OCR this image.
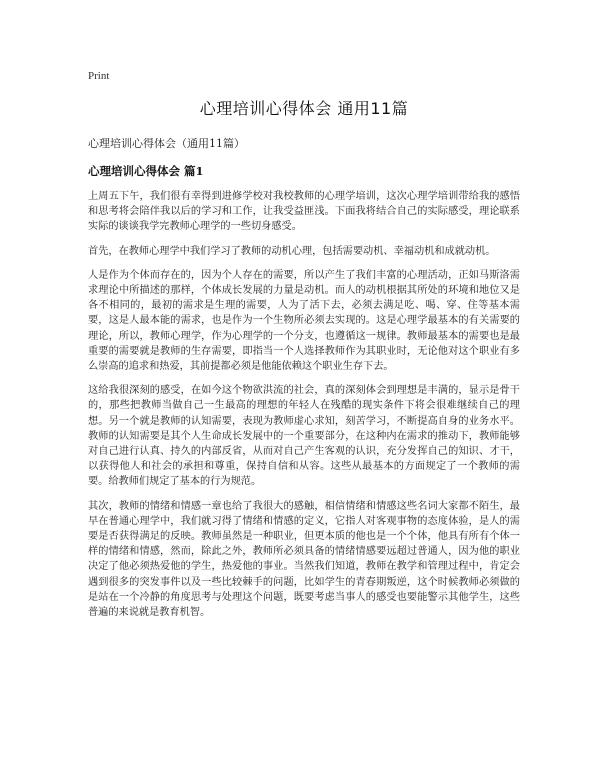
Print
心理培训心得体会 通用11篇

心理培训心得体会（通用11篇）

心理培训心得体会 篇1

上周五下午，我们很有幸得到进修学校对我校教师的心理学培训，这次心理学培训带给我的感悟和思考将会陪伴我以后的学习和工作，让我受益匪浅。下面我将结合自己的实际感受，理论联系实际的谈谈我学完教师心理学的一些切身感受。

首先，在教师心理学中我们学习了教师的动机心理，包括需要动机、幸福动机和成就动机。

人是作为个体而存在的，因为个人存在的需要，所以产生了我们丰富的心理活动，正如马斯洛需求理论中所描述的那样，个体成长发展的力量是动机。而人的动机根据其所处的环境和地位又是各不相同的，最初的需求是生理的需要，人为了活下去，必须去满足吃、喝、穿、住等基本需要，这是人最本能的需求，也是作为一个生物所必须去实现的。这是心理学最基本的有关需要的理论，所以，教师心理学，作为心理学的一个分支，也遵循这一规律。教师最基本的需要也是最重要的需要就是教师的生存需要，即指当一个人选择教师作为其职业时，无论他对这个职业有多么崇高的追求和热爱，其前提都必须是他能依赖这个职业生存下去。

这给我很深刻的感受，在如今这个物欲洪流的社会，真的深刻体会到理想是丰满的，显示是骨干的，那些把教师当做自己一生最高的理想的年轻人在残酷的现实条件下将会很难继续自己的理想。另一个就是教师的认知需要，表现为教师虚心求知，刻苦学习，不断提高自身的业务水平。教师的认知需要是其个人生命成长发展中的一个重要部分，在这种内在需求的推动下，教师能够对自己进行认真、持久的内部反省，从而对自己产生客观的认识，充分发挥自己的知识、才干，以获得他人和社会的承担和尊重，保持自信和从容。这些从最基本的方面规定了一个教师的需要。给教师们规定了基本的行为规范。

其次，教师的情绪和情感一章也给了我很大的感触，相信情绪和情感这些名词大家都不陌生，最早在普通心理学中，我们就习得了情绪和情感的定义，它指人对客观事物的态度体验，是人的需要是否获得满足的反映。教师虽然是一种职业，但更本质的他也是一个个体，他具有所有个体一样的情绪和情感，然而，除此之外，教师所必须具备的情绪情感要远超过普通人，因为他的职业决定了他必须热爱他的学生，热爱他的事业。当然我们知道，教师在教学和管理过程中，肯定会遇到很多的突发事件以及一些比较棘手的问题，比如学生的青春期叛逆，这个时候教师必须做的是站在一个冷静的角度思考与处理这个问题，既要考虑当事人的感受也要能警示其他学生，这些普遍的来说就是教育机智。
